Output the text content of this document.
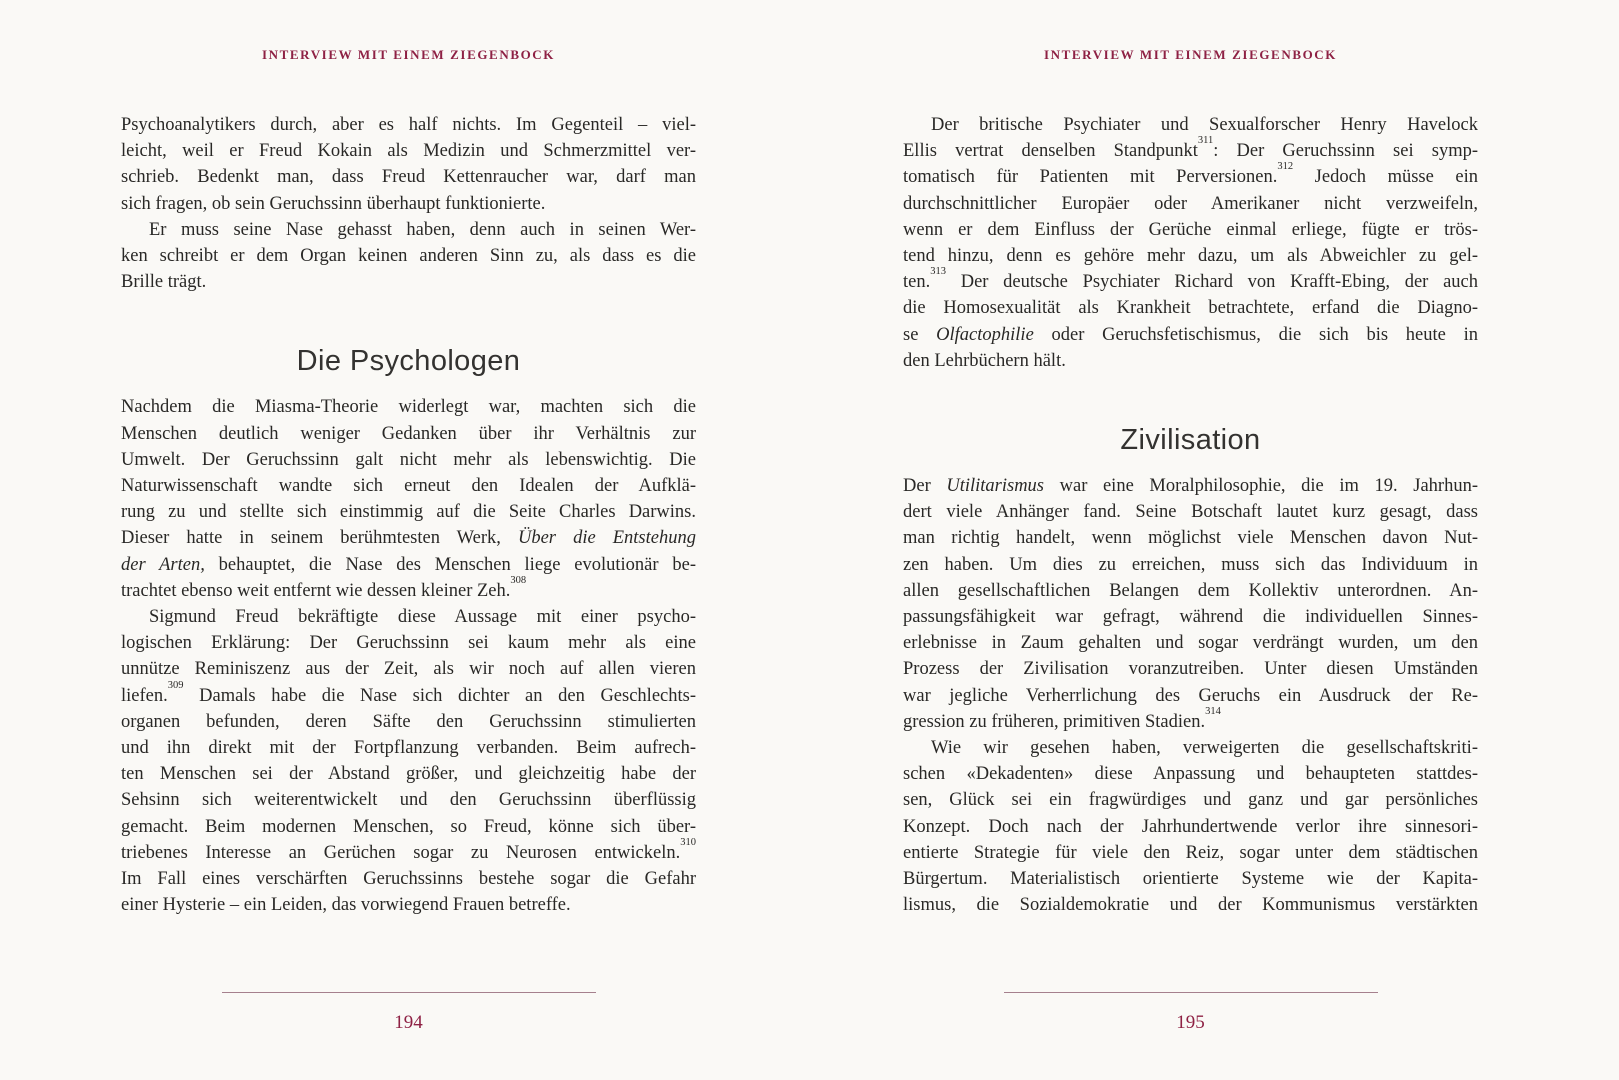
INTERVIEW MIT EINEM ZIEGENBOCK
Psychoanalytikers durch, aber es half nichts. Im Gegenteil – viel-
leicht, weil er Freud Kokain als Medizin und Schmerzmittel ver-
schrieb. Bedenkt man, dass Freud Kettenraucher war, darf man
sich fragen, ob sein Geruchssinn überhaupt funktionierte.
Er muss seine Nase gehasst haben, denn auch in seinen Wer-
ken schreibt er dem Organ keinen anderen Sinn zu, als dass es die
Brille trägt.
Die Psychologen
Nachdem die Miasma-Theorie widerlegt war, machten sich die
Menschen deutlich weniger Gedanken über ihr Verhältnis zur
Umwelt. Der Geruchssinn galt nicht mehr als lebenswichtig. Die
Naturwissenschaft wandte sich erneut den Idealen der Aufklä-
rung zu und stellte sich einstimmig auf die Seite Charles Darwins.
Dieser hatte in seinem berühmtesten Werk, Über die Entstehung
der Arten, behauptet, die Nase des Menschen liege evolutionär be-
trachtet ebenso weit entfernt wie dessen kleiner Zeh.$^{308}$
Sigmund Freud bekräftigte diese Aussage mit einer psycho-
logischen Erklärung: Der Geruchssinn sei kaum mehr als eine
unnütze Reminiszenz aus der Zeit, als wir noch auf allen vieren
liefen.$^{309}$ Damals habe die Nase sich dichter an den Geschlechts-
organen befunden, deren Säfte den Geruchssinn stimulierten
und ihn direkt mit der Fortpflanzung verbanden. Beim aufrech-
ten Menschen sei der Abstand größer, und gleichzeitig habe der
Sehsinn sich weiterentwickelt und den Geruchssinn überflüssig
gemacht. Beim modernen Menschen, so Freud, könne sich über-
triebenes Interesse an Gerüchen sogar zu Neurosen entwickeln.$^{310}$
Im Fall eines verschärften Geruchssinns bestehe sogar die Gefahr
einer Hysterie – ein Leiden, das vorwiegend Frauen betreffe.
194
INTERVIEW MIT EINEM ZIEGENBOCK
Der britische Psychiater und Sexualforscher Henry Havelock
Ellis vertrat denselben Standpunkt$^{311}$: Der Geruchssinn sei symp-
tomatisch für Patienten mit Perversionen.$^{312}$ Jedoch müsse ein
durchschnittlicher Europäer oder Amerikaner nicht verzweifeln,
wenn er dem Einfluss der Gerüche einmal erliege, fügte er trös-
tend hinzu, denn es gehöre mehr dazu, um als Abweichler zu gel-
ten.$^{313}$ Der deutsche Psychiater Richard von Krafft-Ebing, der auch
die Homosexualität als Krankheit betrachtete, erfand die Diagno-
se Olfactophilie oder Geruchsfetischismus, die sich bis heute in
den Lehrbüchern hält.
Zivilisation
Der Utilitarismus war eine Moralphilosophie, die im 19. Jahrhun-
dert viele Anhänger fand. Seine Botschaft lautet kurz gesagt, dass
man richtig handelt, wenn möglichst viele Menschen davon Nut-
zen haben. Um dies zu erreichen, muss sich das Individuum in
allen gesellschaftlichen Belangen dem Kollektiv unterordnen. An-
passungsfähigkeit war gefragt, während die individuellen Sinnes-
erlebnisse in Zaum gehalten und sogar verdrängt wurden, um den
Prozess der Zivilisation voranzutreiben. Unter diesen Umständen
war jegliche Verherrlichung des Geruchs ein Ausdruck der Re-
gression zu früheren, primitiven Stadien.$^{314}$
Wie wir gesehen haben, verweigerten die gesellschaftskriti-
schen «Dekadenten» diese Anpassung und behaupteten stattdes-
sen, Glück sei ein fragwürdiges und ganz und gar persönliches
Konzept. Doch nach der Jahrhundertwende verlor ihre sinnesori-
entierte Strategie für viele den Reiz, sogar unter dem städtischen
Bürgertum. Materialistisch orientierte Systeme wie der Kapita-
lismus, die Sozialdemokratie und der Kommunismus verstärkten
195
